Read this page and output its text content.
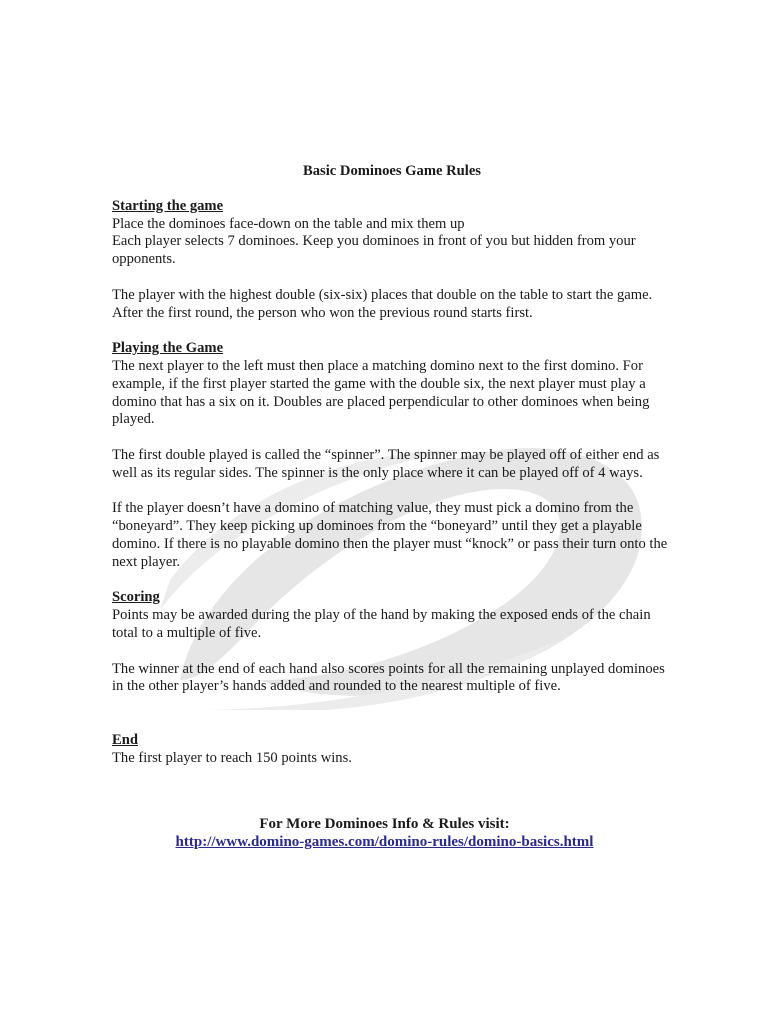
Basic Dominoes Game Rules

Starting the game

Place the dominoes face-down on the table and mix them up

Each player selects 7 dominoes. Keep you dominoes in front of you but hidden from your opponents.

The player with the highest double (six-six) places that double on the table to start the game. After the first round, the person who won the previous round starts first.

Playing the Game

The next player to the left must then place a matching domino next to the first domino. For example, if the first player started the game with the double six, the next player must play a domino that has a six on it. Doubles are placed perpendicular to other dominoes when being played.

The first double played is called the “spinner”. The spinner may be played off of either end as well as its regular sides. The spinner is the only place where it can be played off of 4 ways.

If the player doesn’t have a domino of matching value, they must pick a domino from the “boneyard”. They keep picking up dominoes from the “boneyard” until they get a playable domino. If there is no playable domino then the player must “knock” or pass their turn onto the next player.

Scoring

Points may be awarded during the play of the hand by making the exposed ends of the chain total to a multiple of five.

The winner at the end of each hand also scores points for all the remaining unplayed dominoes in the other player’s hands added and rounded to the nearest multiple of five.

End

The first player to reach 150 points wins.

For More Dominoes Info & Rules visit:
http://www.domino-games.com/domino-rules/domino-basics.html
